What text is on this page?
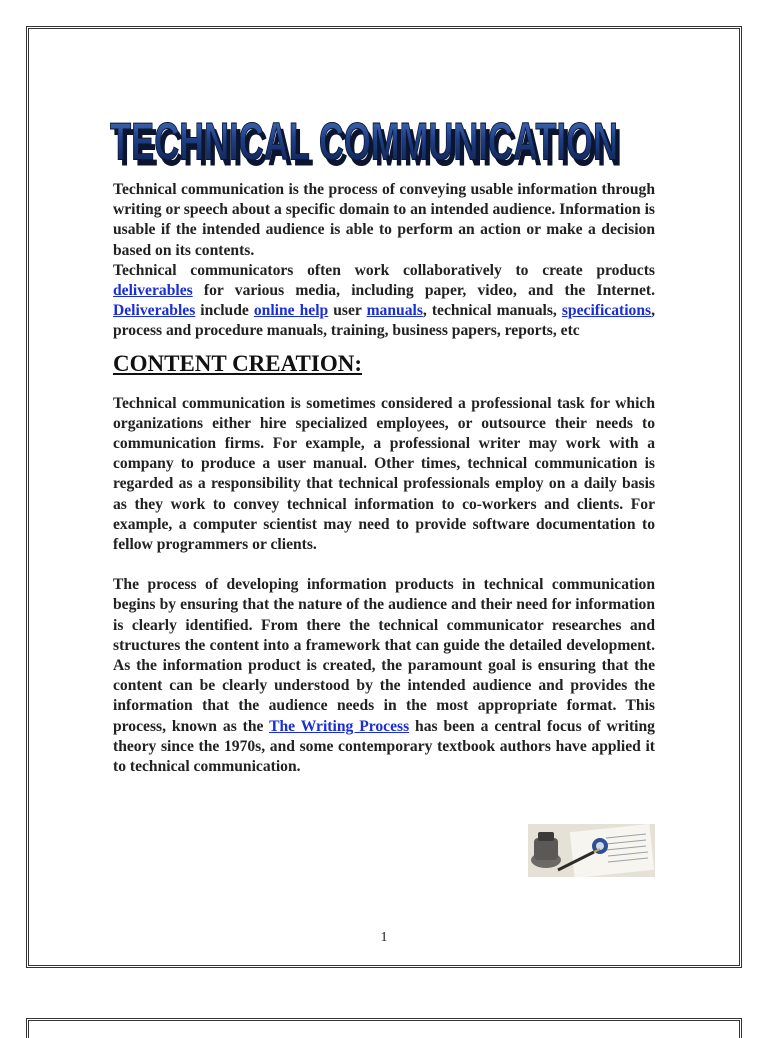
TECHNICAL COMMUNICATION
TECHNICAL COMMUNICATION

Technical communication is the process of conveying usable information through writing or speech about a specific domain to an intended audience. Information is usable if the intended audience is able to perform an action or make a decision based on its contents.

Technical communicators often work collaboratively to create products deliverables for various media, including paper, video, and the Internet. Deliverables include online help user manuals, technical manuals, specifications, process and procedure manuals, training, business papers, reports, etc

CONTENT CREATION:

Technical communication is sometimes considered a professional task for which organizations either hire specialized employees, or outsource their needs to communication firms. For example, a professional writer may work with a company to produce a user manual. Other times, technical communication is regarded as a responsibility that technical professionals employ on a daily basis as they work to convey technical information to co-workers and clients. For example, a computer scientist may need to provide software documentation to fellow programmers or clients.

The process of developing information products in technical communication begins by ensuring that the nature of the audience and their need for information is clearly identified. From there the technical communicator researches and structures the content into a framework that can guide the detailed development. As the information product is created, the paramount goal is ensuring that the content can be clearly understood by the intended audience and provides the information that the audience needs in the most appropriate format. This process, known as the The Writing Process has been a central focus of writing theory since the 1970s, and some contemporary textbook authors have applied it to technical communication.

1
